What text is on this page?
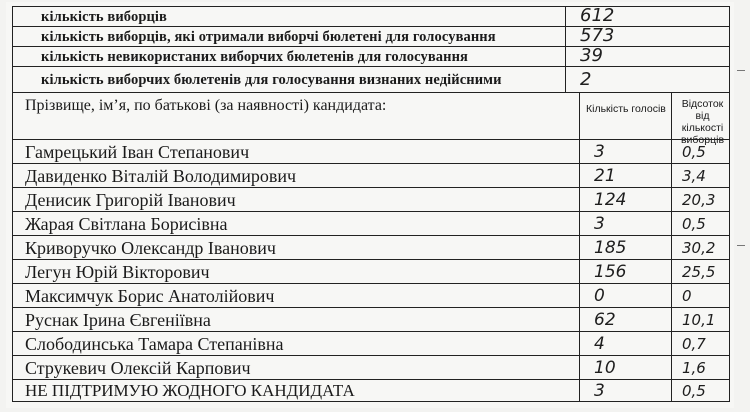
кількість виборців	612
кількість виборців, які отримали виборчі бюлетені для голосування	573
кількість невикористаних виборчих бюлетенів для голосування	39
кількість виборчих бюлетенів для голосування визнаних недійсними	2
Прізвище, ім’я, по батькові (за наявності) кандидата:	Кількість голосів	Відсоток від кількості виборців
Гамрецький Іван Степанович	3	0,5
Давиденко Віталій Володимирович	21	3,4
Денисик Григорій Іванович	124	20,3
Жарая Світлана Борисівна	3	0,5
Криворучко Олександр Іванович	185	30,2
Легун Юрій Вікторович	156	25,5
Максимчук Борис Анатолійович	0	0
Руснак Ірина Євгеніївна	62	10,1
Слободинська Тамара Степанівна	4	0,7
Струкевич Олексій Карпович	10	1,6
НЕ ПІДТРИМУЮ ЖОДНОГО КАНДИДАТА	3	0,5
